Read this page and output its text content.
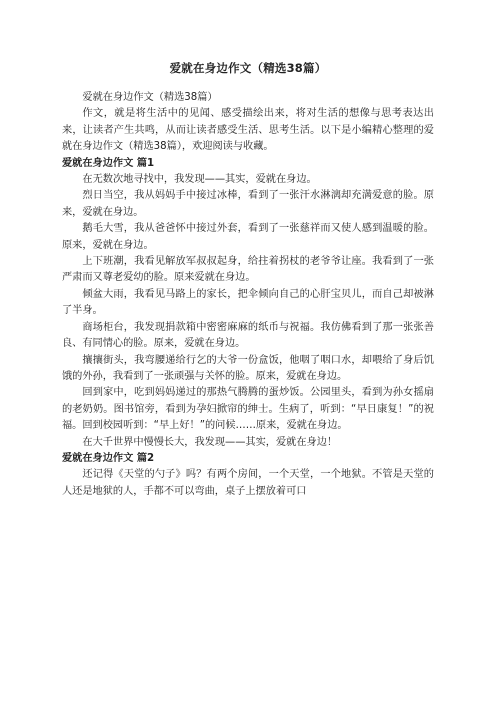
爱就在身边作文（精选38篇）

爱就在身边作文（精选38篇）

作文，就是将生活中的见闻、感受描绘出来，将对生活的想像与思考表达出来，让读者产生共鸣，从而让读者感受生活、思考生活。以下是小编精心整理的爱就在身边作文（精选38篇），欢迎阅读与收藏。

爱就在身边作文 篇1

在无数次地寻找中，我发现——其实，爱就在身边。

烈日当空，我从妈妈手中接过冰棒，看到了一张汗水淋漓却充满爱意的脸。原来，爱就在身边。

鹅毛大雪，我从爸爸怀中接过外套，看到了一张慈祥而又使人感到温暖的脸。原来，爱就在身边。

上下班潮，我看见解放军叔叔起身，给拄着拐杖的老爷爷让座。我看到了一张严肃而又尊老爱幼的脸。原来爱就在身边。

倾盆大雨，我看见马路上的家长，把伞倾向自己的心肝宝贝儿，而自己却被淋了半身。

商场柜台，我发现捐款箱中密密麻麻的纸币与祝福。我仿佛看到了那一张张善良、有同情心的脸。原来，爱就在身边。

攘攘街头，我弯腰递给行乞的大爷一份盒饭，他咽了咽口水，却喂给了身后饥饿的外孙，我看到了一张顽强与关怀的脸。原来，爱就在身边。

回到家中，吃到妈妈递过的那热气腾腾的蛋炒饭。公园里头，看到为孙女摇扇的老奶奶。图书馆旁，看到为孕妇掀帘的绅士。生病了，听到：“早日康复！”的祝福。回到校园听到：“早上好！”的问候……原来，爱就在身边。

在大千世界中慢慢长大，我发现——其实，爱就在身边！

爱就在身边作文 篇2

还记得《天堂的勺子》吗？有两个房间，一个天堂，一个地狱。不管是天堂的人还是地狱的人，手都不可以弯曲，桌子上摆放着可口
